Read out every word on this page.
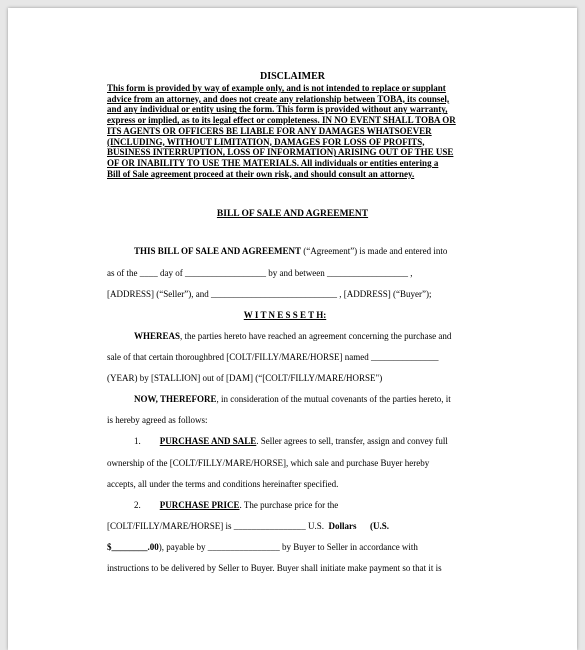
DISCLAIMER
This form is provided by way of example only, and is not intended to replace or supplant
advice from an attorney, and does not create any relationship between TOBA, its counsel,
and any individual or entity using the form. This form is provided without any warranty,
express or implied, as to its legal effect or completeness. IN NO EVENT SHALL TOBA OR
ITS AGENTS OR OFFICERS BE LIABLE FOR ANY DAMAGES WHATSOEVER
(INCLUDING, WITHOUT LIMITATION, DAMAGES FOR LOSS OF PROFITS,
BUSINESS INTERRUPTION, LOSS OF INFORMATION) ARISING OUT OF THE USE
OF OR INABILITY TO USE THE MATERIALS. All individuals or entities entering a
Bill of Sale agreement proceed at their own risk, and should consult an attorney.
BILL OF SALE AND AGREEMENT
THIS BILL OF SALE AND AGREEMENT (“Agreement”) is made and entered into
as of the ____ day of __________________ by and between __________________ ,
[ADDRESS] (“Seller”), and ____________________________ , [ADDRESS] (“Buyer”);
W I T N E S S E T H:
WHEREAS, the parties hereto have reached an agreement concerning the purchase and
sale of that certain thoroughbred [COLT/FILLY/MARE/HORSE] named _______________
(YEAR) by [STALLION] out of [DAM] (“[COLT/FILLY/MARE/HORSE")
NOW, THEREFORE, in consideration of the mutual covenants of the parties hereto, it
is hereby agreed as follows:
1. PURCHASE AND SALE. Seller agrees to sell, transfer, assign and convey full
ownership of the [COLT/FILLY/MARE/HORSE], which sale and purchase Buyer hereby
accepts, all under the terms and conditions hereinafter specified.
2. PURCHASE PRICE. The purchase price for the
[COLT/FILLY/MARE/HORSE] is ________________ U.S. Dollars (U.S.
$________.00), payable by ________________ by Buyer to Seller in accordance with
instructions to be delivered by Seller to Buyer. Buyer shall initiate make payment so that it is
